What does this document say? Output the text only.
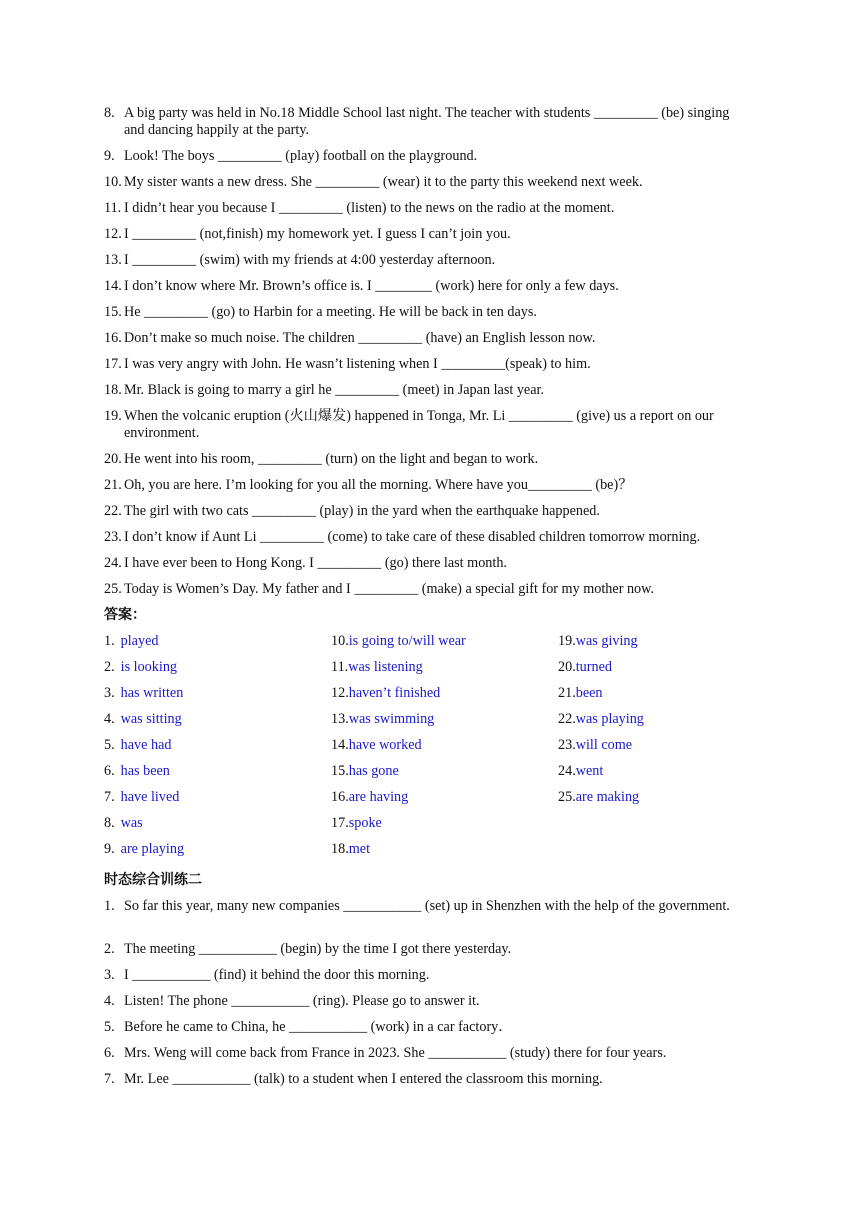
8. A big party was held in No.18 Middle School last night. The teacher with students _________ (be) singing and dancing happily at the party.
9. Look! The boys _________ (play) football on the playground.
10. My sister wants a new dress. She _________ (wear) it to the party this weekend next week.
11. I didn’t hear you because I _________ (listen) to the news on the radio at the moment.
12. I _________ (not,finish) my homework yet. I guess I can’t join you.
13. I _________ (swim) with my friends at 4:00 yesterday afternoon.
14. I don’t know where Mr. Brown’s office is. I ________ (work) here for only a few days.
15. He _________ (go) to Harbin for a meeting. He will be back in ten days.
16. Don’t make so much noise. The children _________ (have) an English lesson now.
17. I was very angry with John. He wasn’t listening when I _________(speak) to him.
18. Mr. Black is going to marry a girl he _________ (meet) in Japan last year.
19. When the volcanic eruption (火山爆发) happened in Tonga, Mr. Li _________ (give) us a report on our environment.
20. He went into his room, _________ (turn) on the light and began to work.
21. Oh, you are here. I’m looking for you all the morning. Where have you_________ (be)？
22. The girl with two cats _________ (play) in the yard when the earthquake happened.
23. I don’t know if Aunt Li _________ (come) to take care of these disabled children tomorrow morning.
24. I have ever been to Hong Kong. I _________ (go) there last month.
25. Today is Women’s Day. My father and I _________ (make) a special gift for my mother now.
答案：
1. played
2. is looking
3. has written
4. was sitting
5. have had
6. has been
7. have lived
8. was
9. are playing
10.is going to/will wear
11.was listening
12.haven’t finished
13.was swimming
14.have worked
15.has gone
16.are having
17.spoke
18.met
19.was giving
20.turned
21.been
22.was playing
23.will come
24.went
25.are making
时态综合训练二
1. So far this year, many new companies ___________ (set) up in Shenzhen with the help of the government.
2. The meeting ___________ (begin) by the time I got there yesterday.
3. I ___________ (find) it behind the door this morning.
4. Listen! The phone ___________ (ring). Please go to answer it.
5. Before he came to China, he ___________ (work) in a car factory．
6. Mrs. Weng will come back from France in 2023. She ___________ (study) there for four years.
7. Mr. Lee ___________ (talk) to a student when I entered the classroom this morning.
